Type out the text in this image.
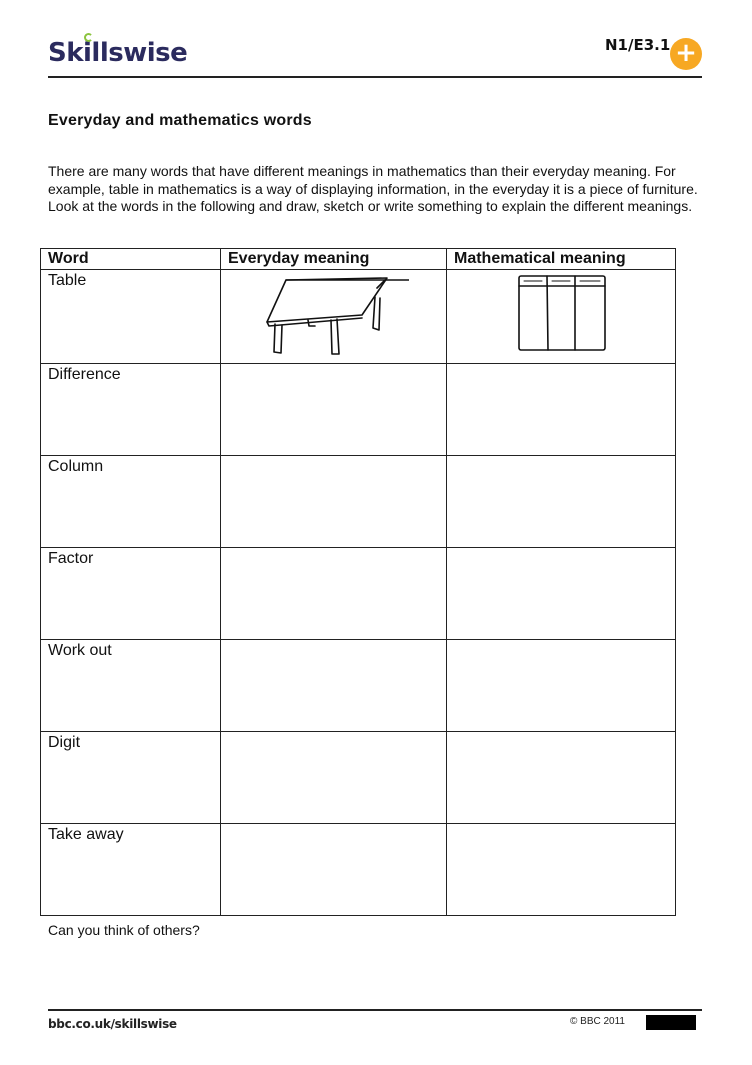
Skillswise	N1/E3.1 +
Everyday and mathematics words

There are many words that have different meanings in mathematics than their everyday meaning. For example, table in mathematics is a way of displaying information, in the everyday it is a piece of furniture. Look at the words in the following and draw, sketch or write something to explain the different meanings.

Word	Everyday meaning	Mathematical meaning
Table		
Difference		
Column		
Factor		
Work out		
Digit		
Take away		
Can you think of others?
bbc.co.uk/skillswise	© BBC 2011
